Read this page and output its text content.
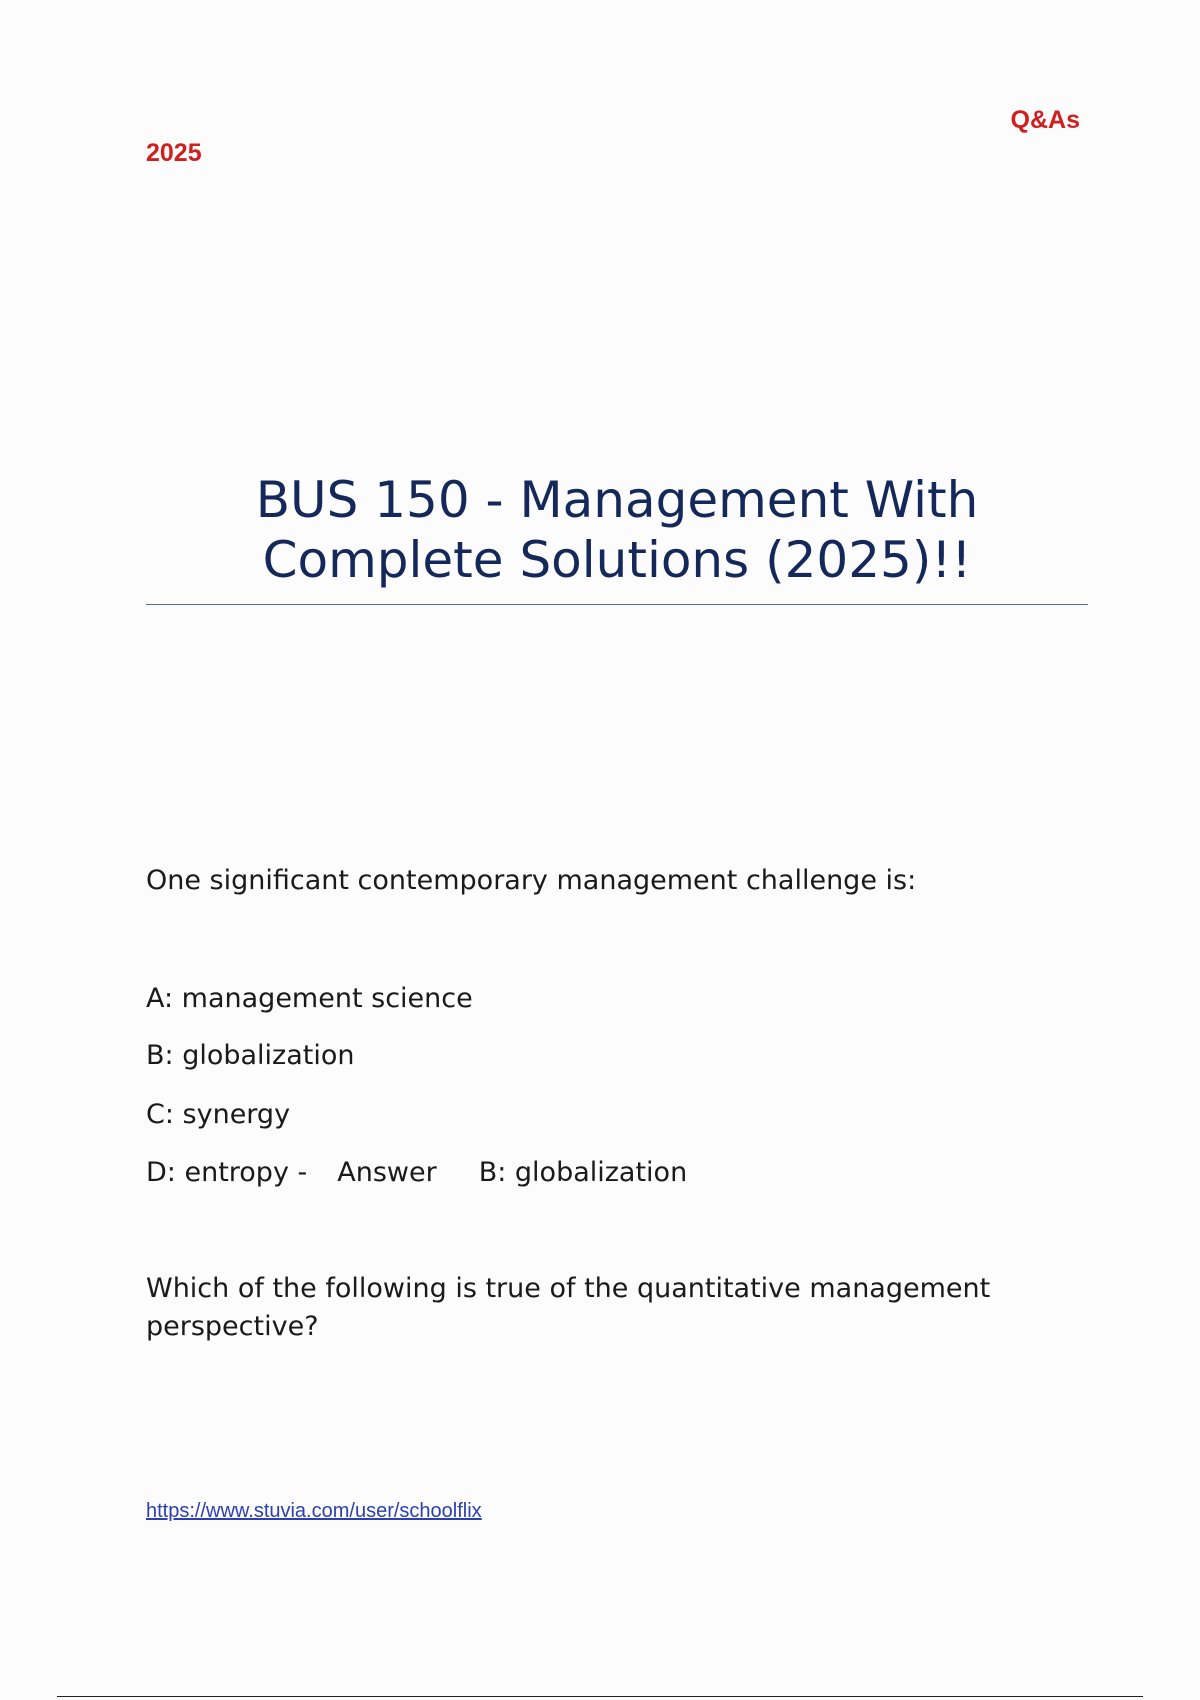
Q&As
2025
BUS 150 - Management With Complete Solutions (2025)!!
One significant contemporary management challenge is:
A: management science
B: globalization
C: synergy
D: entropy - Answer B: globalization
Which of the following is true of the quantitative management perspective?
https://www.stuvia.com/user/schoolflix
